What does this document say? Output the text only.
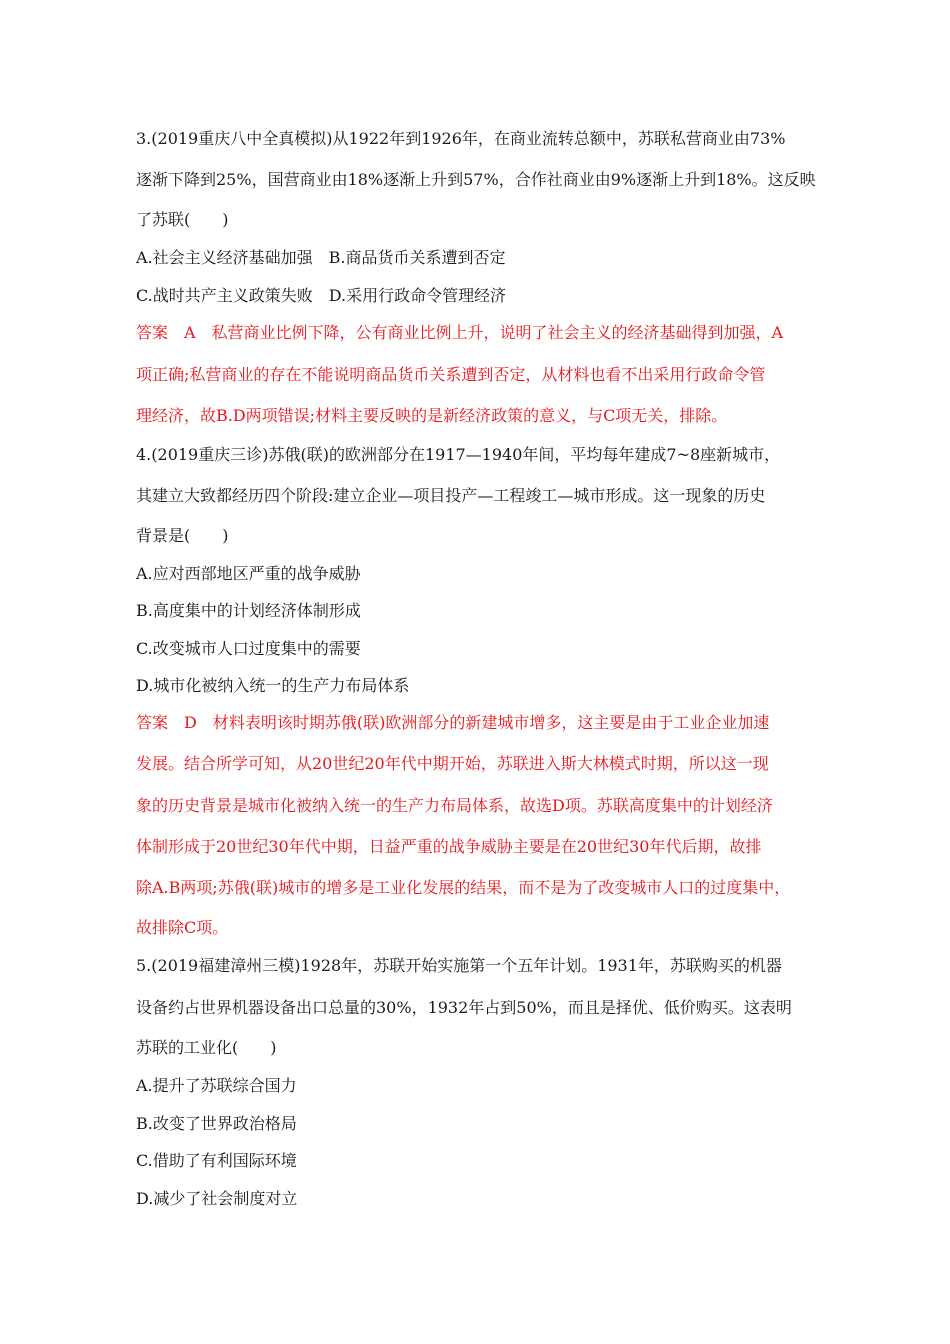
3.(2019重庆八中全真模拟)从1922年到1926年，在商业流转总额中，苏联私营商业由73%
逐渐下降到25%，国营商业由18%逐渐上升到57%，合作社商业由9%逐渐上升到18%。这反映
了苏联(　　)
A.社会主义经济基础加强　B.商品货币关系遭到否定
C.战时共产主义政策失败　D.采用行政命令管理经济
答案　A　私营商业比例下降，公有商业比例上升，说明了社会主义的经济基础得到加强，A
项正确;私营商业的存在不能说明商品货币关系遭到否定，从材料也看不出采用行政命令管
理经济，故B.D两项错误;材料主要反映的是新经济政策的意义，与C项无关，排除。
4.(2019重庆三诊)苏俄(联)的欧洲部分在1917—1940年间，平均每年建成7~8座新城市，
其建立大致都经历四个阶段:建立企业—项目投产—工程竣工—城市形成。这一现象的历史
背景是(　　)
A.应对西部地区严重的战争威胁
B.高度集中的计划经济体制形成
C.改变城市人口过度集中的需要
D.城市化被纳入统一的生产力布局体系
答案　D　材料表明该时期苏俄(联)欧洲部分的新建城市增多，这主要是由于工业企业加速
发展。结合所学可知，从20世纪20年代中期开始，苏联进入斯大林模式时期，所以这一现
象的历史背景是城市化被纳入统一的生产力布局体系，故选D项。苏联高度集中的计划经济
体制形成于20世纪30年代中期，日益严重的战争威胁主要是在20世纪30年代后期，故排
除A.B两项;苏俄(联)城市的增多是工业化发展的结果，而不是为了改变城市人口的过度集中，
故排除C项。
5.(2019福建漳州三模)1928年，苏联开始实施第一个五年计划。1931年，苏联购买的机器
设备约占世界机器设备出口总量的30%，1932年占到50%，而且是择优、低价购买。这表明
苏联的工业化(　　)
A.提升了苏联综合国力
B.改变了世界政治格局
C.借助了有利国际环境
D.减少了社会制度对立
